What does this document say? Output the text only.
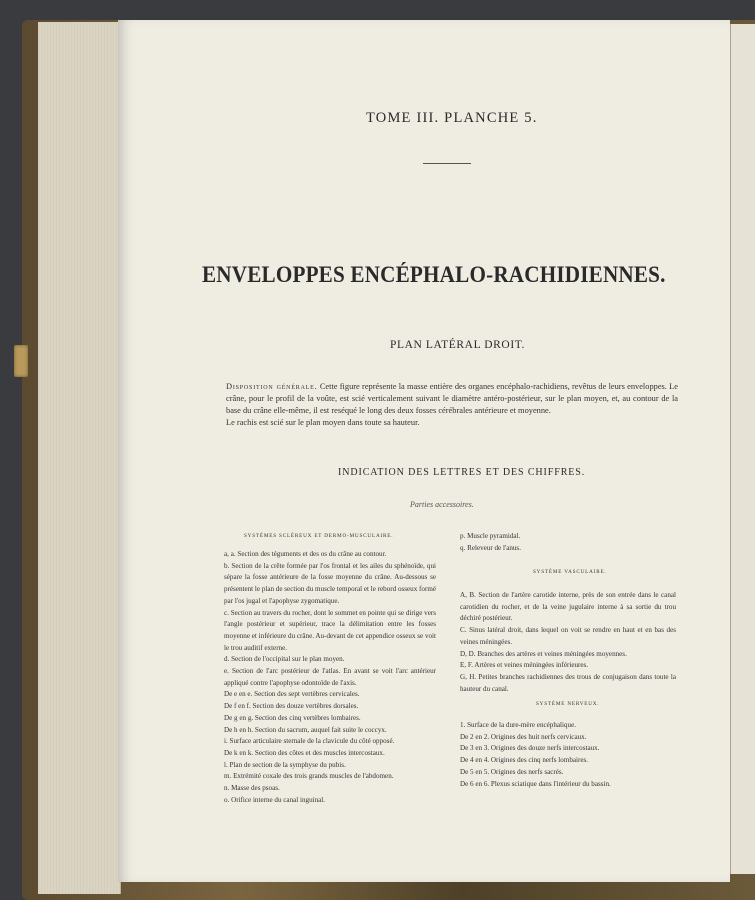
TOME III. PLANCHE 5.
ENVELOPPES ENCÉPHALO-RACHIDIENNES.
PLAN LATÉRAL DROIT.
Disposition générale. Cette figure représente la masse entière des organes encéphalo-rachidiens, revêtus de leurs enveloppes. Le crâne, pour le profil de la voûte, est scié verticalement suivant le diamètre antéro-postérieur, sur le plan moyen, et, au contour de la base du crâne elle-même, il est reséqué le long des deux fosses cérébrales antérieure et moyenne.
Le rachis est scié sur le plan moyen dans toute sa hauteur.
INDICATION DES LETTRES ET DES CHIFFRES.
Parties accessoires.
SYSTÈMES SCLÉREUX ET DERMO-MUSCULAIRE.
a, a. Section des téguments et des os du crâne au contour.
b. Section de la crête formée par l'os frontal et les ailes du sphénoïde, qui sépare la fosse antérieure de la fosse moyenne du crâne. Au-dessous se présentent le plan de section du muscle temporal et le rebord osseux formé par l'os jugal et l'apophyse zygomatique.
c. Section au travers du rocher, dont le sommet en pointe qui se dirige vers l'angle postérieur et supérieur, trace la délimitation entre les fosses moyenne et inférieure du crâne. Au-devant de cet appendice osseux se voit le trou auditif externe.
d. Section de l'occipital sur le plan moyen.
e. Section de l'arc postérieur de l'atlas. En avant se voit l'arc antérieur appliqué contre l'apophyse odontoïde de l'axis.
De e en e. Section des sept vertèbres cervicales.
De f en f. Section des douze vertèbres dorsales.
De g en g. Section des cinq vertèbres lombaires.
De h en h. Section du sacrum, auquel fait suite le coccyx.
i. Surface articulaire sternale de la clavicule du côté opposé.
De k en k. Section des côtes et des muscles intercostaux.
l. Plan de section de la symphyse du pubis.
m. Extrémité coxale des trois grands muscles de l'abdomen.
n. Masse des psoas.
o. Orifice interne du canal inguinal.
p. Muscle pyramidal.
q. Releveur de l'anus.
SYSTÈME VASCULAIRE.
A, B. Section de l'artère carotide interne, près de son entrée dans le canal carotidien du rocher, et de la veine jugulaire interne à sa sortie du trou déchiré postérieur.
C. Sinus latéral droit, dans lequel on voit se rendre en haut et en bas des veines méningées.
D, D. Branches des artères et veines méningées moyennes.
E, F. Artères et veines méningées inférieures.
G, H. Petites branches rachidiennes des trous de conjugaison dans toute la hauteur du canal.
SYSTÈME NERVEUX.
1. Surface de la dure-mère encéphalique.
De 2 en 2. Origines des huit nerfs cervicaux.
De 3 en 3. Origines des douze nerfs intercostaux.
De 4 en 4. Origines des cinq nerfs lombaires.
De 5 en 5. Origines des nerfs sacrés.
De 6 en 6. Plexus sciatique dans l'intérieur du bassin.
